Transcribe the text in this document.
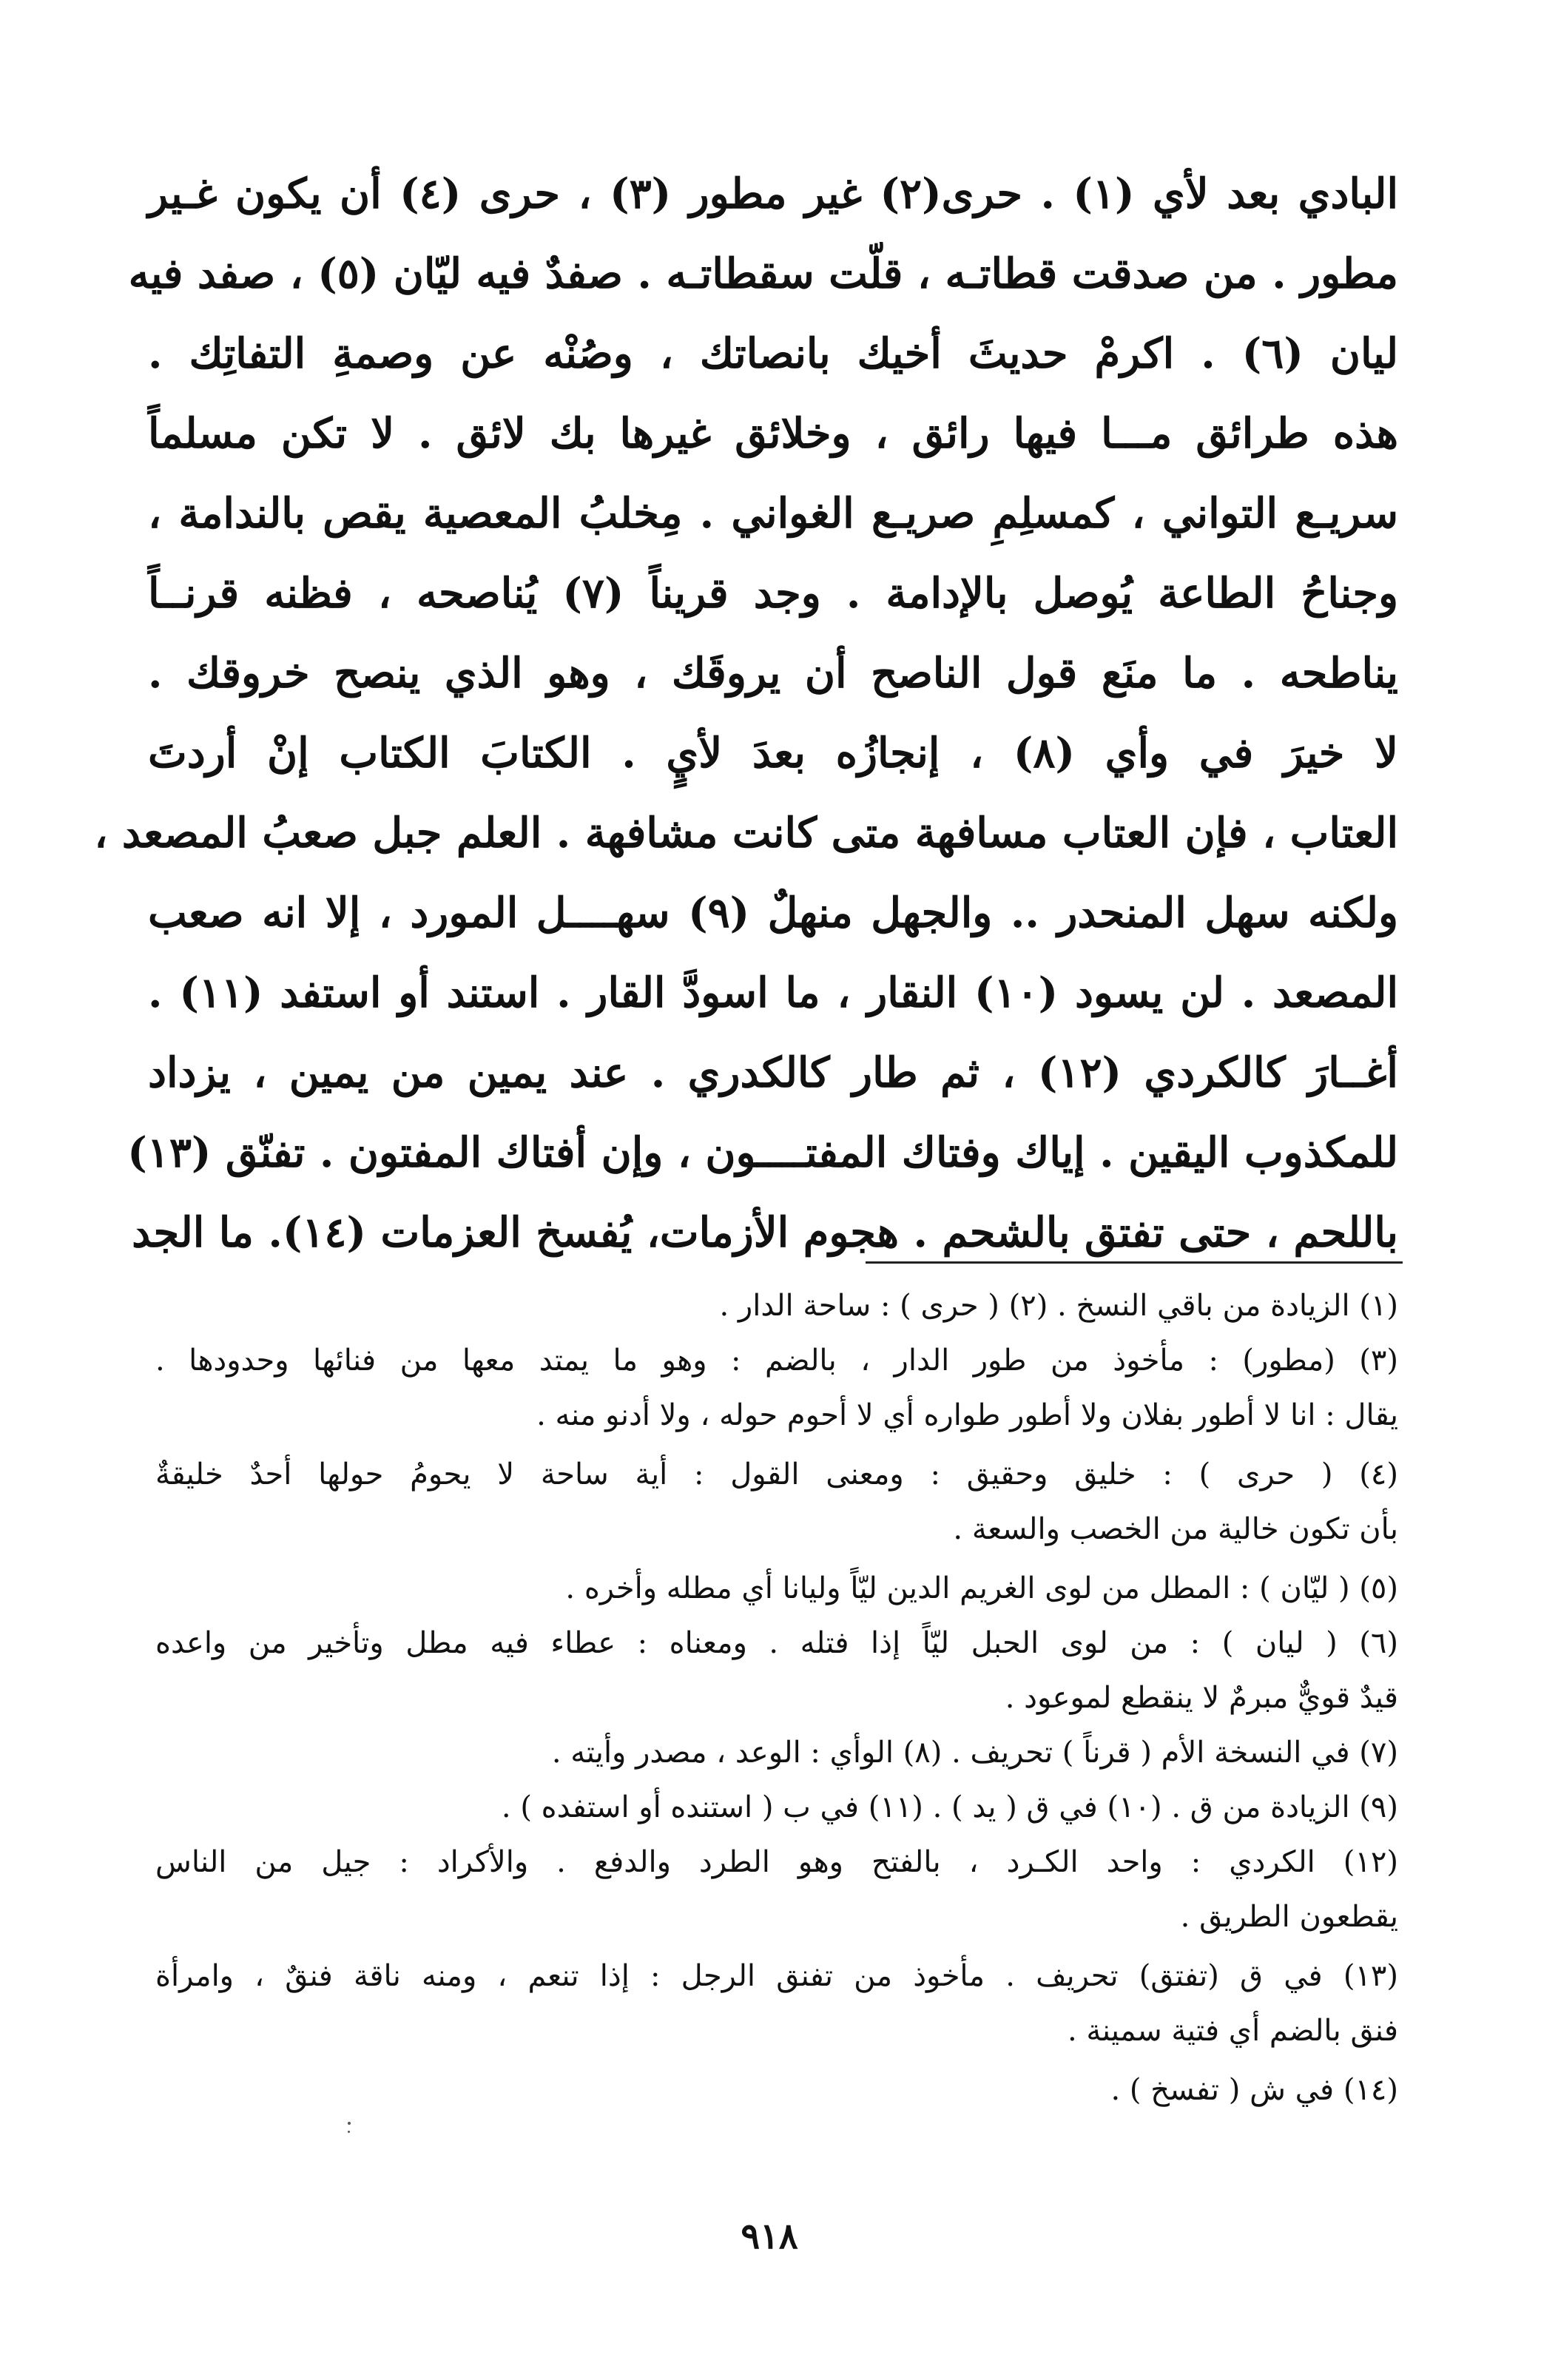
البادي بعد لأي (١) . حرى(٢) غير مطور (٣) ، حرى (٤) أن يكون غـير
مطور . من صدقت قطاتـه ، قلّت سقطاتـه . صفدٌ فيه ليّان (٥) ، صفد فيه
ليان (٦) . اكرمْ حديثَ أخيك بانصاتك ، وصُنْه عن وصمةِ التفاتِك .
هذه طرائق مـــا فيها رائق ، وخلائق غيرها بك لائق . لا تكن مسلماً
سريـع التواني ، كمسلِمِ صريـع الغواني . مِخلبُ المعصية يقص بالندامة ،
وجناحُ الطاعة يُوصل بالإدامة . وجد قريناً (٧) يُناصحه ، فظنه قرنــاً
يناطحه . ما منَع قول الناصح أن يروقَك ، وهو الذي ينصح خروقك .
لا خيرَ في وأي (٨) ، إنجازُه بعدَ لأيٍ . الكتابَ الكتاب إنْ أردتَ
العتاب ، فإن العتاب مسافهة متى كانت مشافهة . العلم جبل صعبُ المصعد ،
ولكنه سهل المنحدر .. والجهل منهلٌ (٩) سهــــل المورد ، إلا انه صعب
المصعد . لن يسود (١٠) النقار ، ما اسودَّ القار . استند أو استفد (١١) .
أغــارَ كالكردي (١٢) ، ثم طار كالكدري . عند يمين من يمين ، يزداد
للمكذوب اليقين . إياك وفتاك المفتــــون ، وإن أفتاك المفتون . تفنّق (١٣)
باللحم ، حتى تفتق بالشحم . هجوم الأزمات، يُفسخ العزمات (١٤). ما الجد
(١) الزيادة من باقي النسخ . (٢) ( حرى ) : ساحة الدار .
(٣) (مطور) : مأخوذ من طور الدار ، بالضم : وهو ما يمتد معها من فنائها وحدودها .
يقال : انا لا أطور بفلان ولا أطور طواره أي لا أحوم حوله ، ولا أدنو منه .
(٤) ( حرى ) : خليق وحقيق : ومعنى القول : أية ساحة لا يحومُ حولها أحدٌ خليقةٌ
بأن تكون خالية من الخصب والسعة .
(٥) ( ليّان ) : المطل من لوى الغريم الدين ليّاً وليانا أي مطله وأخره .
(٦) ( ليان ) : من لوى الحبل ليّاً إذا فتله . ومعناه : عطاء فيه مطل وتأخير من واعده
قيدٌ قويٌّ مبرمٌ لا ينقطع لموعود .
(٧) في النسخة الأم ( قرناً ) تحريف . (٨) الوأي : الوعد ، مصدر وأيته .
(٩) الزيادة من ق . (١٠) في ق ( يد ) . (١١) في ب ( استنده أو استفده ) .
(١٢) الكردي : واحد الكـرد ، بالفتح وهو الطرد والدفع . والأكراد : جيل من الناس
يقطعون الطريق .
(١٣) في ق (تفتق) تحريف . مأخوذ من تفنق الرجل : إذا تنعم ، ومنه ناقة فنقٌ ، وامرأة
فنق بالضم أي فتية سمينة .
(١٤) في ش ( تفسخ ) .
٩١٨
